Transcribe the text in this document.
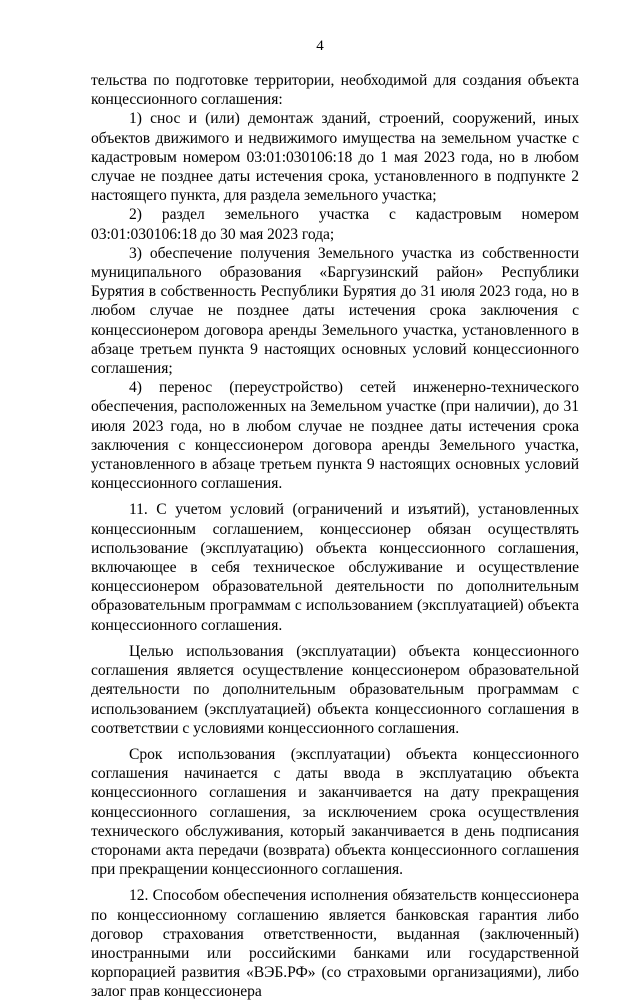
4

тельства по подготовке территории, необходимой для создания объекта концессионного соглашения:

1) снос и (или) демонтаж зданий, строений, сооружений, иных объектов движимого и недвижимого имущества на земельном участке с кадастровым номером 03:01:030106:18 до 1 мая 2023 года, но в любом случае не позднее даты истечения срока, установленного в подпункте 2 настоящего пункта, для раздела земельного участка;

2) раздел земельного участка с кадастровым номером 03:01:030106:18 до 30 мая 2023 года;

3) обеспечение получения Земельного участка из собственности муниципального образования «Баргузинский район» Республики Бурятия в собственность Республики Бурятия до 31 июля 2023 года, но в любом случае не позднее даты истечения срока заключения с концессионером договора аренды Земельного участка, установленного в абзаце третьем пункта 9 настоящих основных условий концессионного соглашения;

4) перенос (переустройство) сетей инженерно-технического обеспечения, расположенных на Земельном участке (при наличии), до 31 июля 2023 года, но в любом случае не позднее даты истечения срока заключения с концессионером договора аренды Земельного участка, установленного в абзаце третьем пункта 9 настоящих основных условий концессионного соглашения.

11. С учетом условий (ограничений и изъятий), установленных концессионным соглашением, концессионер обязан осуществлять использование (эксплуатацию) объекта концессионного соглашения, включающее в себя техническое обслуживание и осуществление концессионером образовательной деятельности по дополнительным образовательным программам с использованием (эксплуатацией) объекта концессионного соглашения.

Целью использования (эксплуатации) объекта концессионного соглашения является осуществление концессионером образовательной деятельности по дополнительным образовательным программам с использованием (эксплуатацией) объекта концессионного соглашения в соответствии с условиями концессионного соглашения.

Срок использования (эксплуатации) объекта концессионного соглашения начинается с даты ввода в эксплуатацию объекта концессионного соглашения и заканчивается на дату прекращения концессионного соглашения, за исключением срока осуществления технического обслуживания, который заканчивается в день подписания сторонами акта передачи (возврата) объекта концессионного соглашения при прекращении концессионного соглашения.

12. Способом обеспечения исполнения обязательств концессионера по концессионному соглашению является банковская гарантия либо договор страхования ответственности, выданная (заключенный) иностранными или российскими банками или государственной корпорацией развития «ВЭБ.РФ» (со страховыми организациями), либо залог прав концессионера
